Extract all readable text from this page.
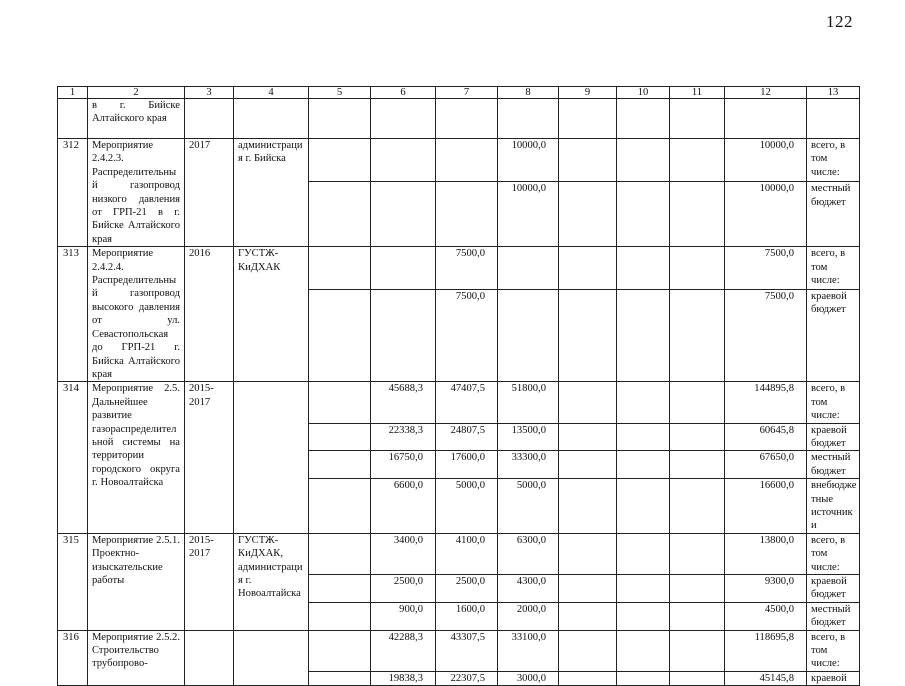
122
1	2	3	4	5	6	7	8	9	10	11	12	13
	в г. Бийске Алтайского края											
312	Мероприятие 2.4.2.3. Распределительный газопровод низкого давления от ГРП-21 в г. Бийске Алтайского края	2017	администрация г. Бийска				10000,0				10000,0	всего, в том числе:
							10000,0				10000,0	местный бюджет
313	Мероприятие 2.4.2.4. Распределительный газопровод высокого давления от ул. Севастопольская до ГРП-21 г. Бийска Алтайского края	2016	ГУСТЖ-КиДХАК			7500,0					7500,0	всего, в том числе:
						7500,0					7500,0	краевой бюджет
314	Мероприятие 2.5. Дальнейшее развитие газораспределительной системы на территории городского округа г. Новоалтайска	2015-2017			45688,3	47407,5	51800,0				144895,8	всего, в том числе:
					22338,3	24807,5	13500,0				60645,8	краевой бюджет
					16750,0	17600,0	33300,0				67650,0	местный бюджет
					6600,0	5000,0	5000,0				16600,0	внебюджетные источники
315	Мероприятие 2.5.1. Проектно-изыскательские работы	2015-2017	ГУСТЖ-КиДХАК, администрация г. Новоалтайска		3400,0	4100,0	6300,0				13800,0	всего, в том числе:
					2500,0	2500,0	4300,0				9300,0	краевой бюджет
					900,0	1600,0	2000,0				4500,0	местный бюджет
316	Мероприятие 2.5.2. Строительство трубопрово-				42288,3	43307,5	33100,0				118695,8	всего, в том числе:
					19838,3	22307,5	3000,0				45145,8	краевой
